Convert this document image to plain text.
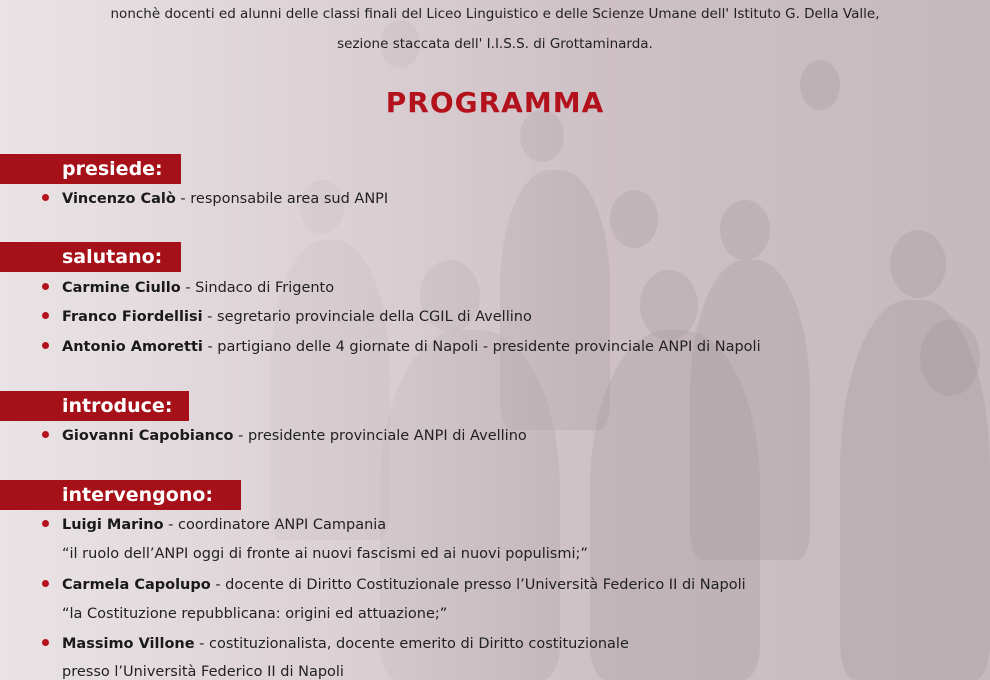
nonchè docenti ed alunni delle classi finali del Liceo Linguistico e delle Scienze Umane dell' Istituto G. Della Valle,
sezione staccata dell' I.I.S.S. di Grottaminarda.
PROGRAMMA
presiede:
Vincenzo Calò - responsabile area sud ANPI
salutano:
Carmine Ciullo - Sindaco di Frigento
Franco Fiordellisi - segretario provinciale della CGIL di Avellino
Antonio Amoretti - partigiano delle 4 giornate di Napoli - presidente provinciale ANPI di Napoli
introduce:
Giovanni Capobianco - presidente provinciale ANPI di Avellino
intervengono:
Luigi Marino - coordinatore ANPI Campania
“il ruolo dell’ANPI oggi di fronte ai nuovi fascismi ed ai nuovi populismi;”
Carmela Capolupo - docente di Diritto Costituzionale presso l’Università Federico II di Napoli
“la Costituzione repubblicana: origini ed attuazione;”
Massimo Villone - costituzionalista, docente emerito di Diritto costituzionale
presso l’Università Federico II di Napoli
